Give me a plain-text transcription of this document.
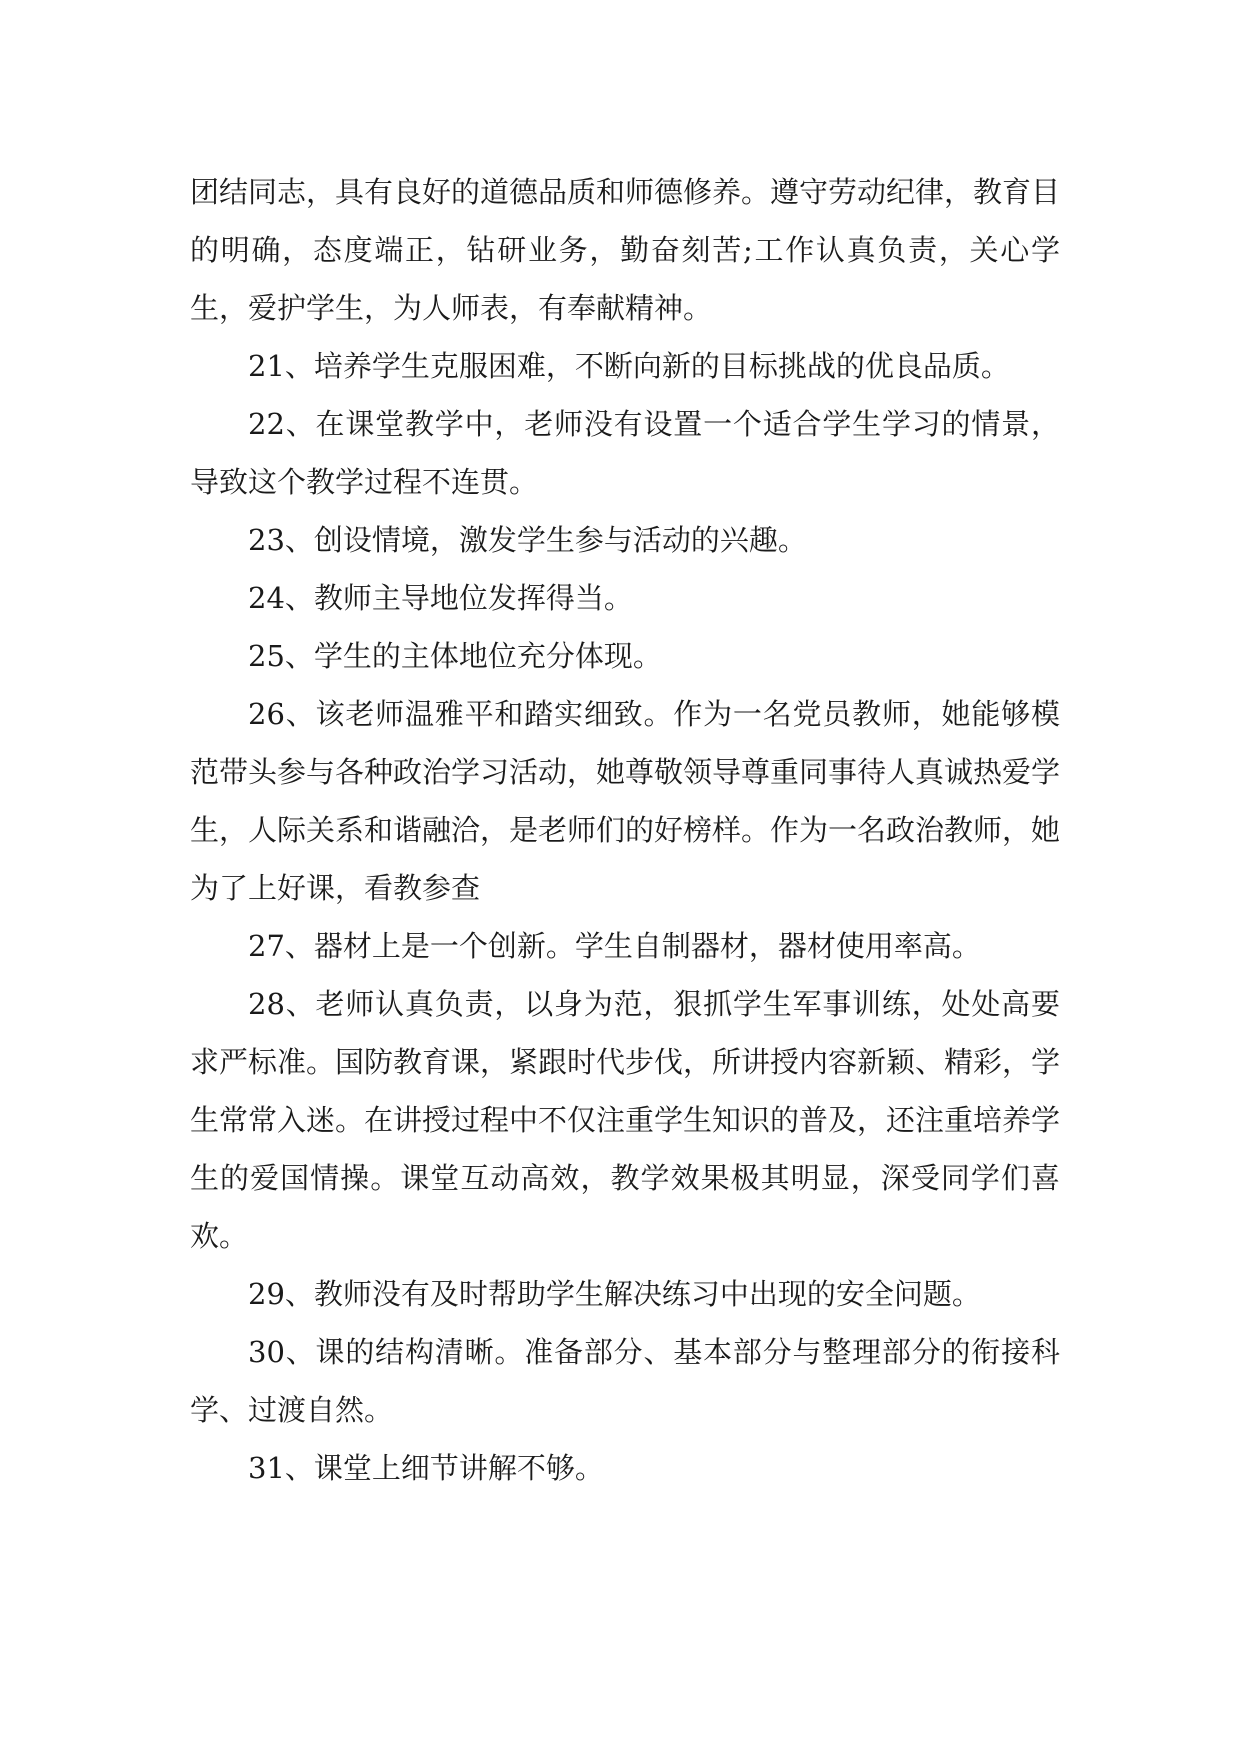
团结同志，具有良好的道德品质和师德修养。遵守劳动纪律，教育目的明确，态度端正，钻研业务，勤奋刻苦;工作认真负责，关心学生，爱护学生，为人师表，有奉献精神。

21、培养学生克服困难，不断向新的目标挑战的优良品质。

22、在课堂教学中，老师没有设置一个适合学生学习的情景，导致这个教学过程不连贯。

23、创设情境，激发学生参与活动的兴趣。

24、教师主导地位发挥得当。

25、学生的主体地位充分体现。

26、该老师温雅平和踏实细致。作为一名党员教师，她能够模范带头参与各种政治学习活动，她尊敬领导尊重同事待人真诚热爱学生，人际关系和谐融洽，是老师们的好榜样。作为一名政治教师，她为了上好课，看教参查

27、器材上是一个创新。学生自制器材，器材使用率高。

28、老师认真负责，以身为范，狠抓学生军事训练，处处高要求严标准。国防教育课，紧跟时代步伐，所讲授内容新颖、精彩，学生常常入迷。在讲授过程中不仅注重学生知识的普及，还注重培养学生的爱国情操。课堂互动高效，教学效果极其明显，深受同学们喜欢。

29、教师没有及时帮助学生解决练习中出现的安全问题。

30、课的结构清晰。准备部分、基本部分与整理部分的衔接科学、过渡自然。

31、课堂上细节讲解不够。
